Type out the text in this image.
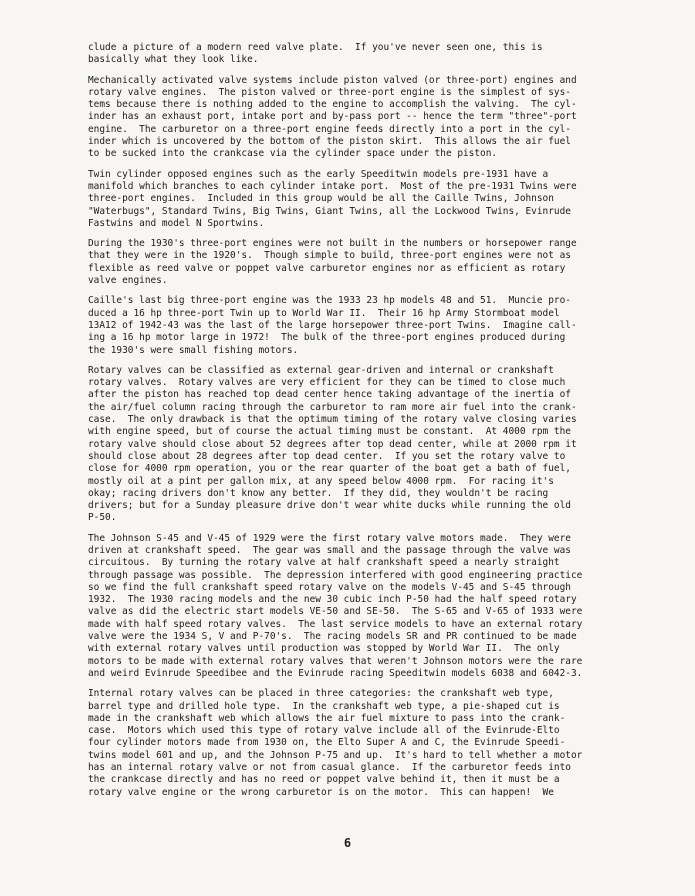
clude a picture of a modern reed valve plate.  If you've never seen one, this is
basically what they look like.
Mechanically activated valve systems include piston valved (or three-port) engines and
rotary valve engines.  The piston valved or three-port engine is the simplest of sys-
tems because there is nothing added to the engine to accomplish the valving.  The cyl-
inder has an exhaust port, intake port and by-pass port -- hence the term "three"-port
engine.  The carburetor on a three-port engine feeds directly into a port in the cyl-
inder which is uncovered by the bottom of the piston skirt.  This allows the air fuel
to be sucked into the crankcase via the cylinder space under the piston.
Twin cylinder opposed engines such as the early Speeditwin models pre-1931 have a
manifold which branches to each cylinder intake port.  Most of the pre-1931 Twins were
three-port engines.  Included in this group would be all the Caille Twins, Johnson
"Waterbugs", Standard Twins, Big Twins, Giant Twins, all the Lockwood Twins, Evinrude
Fastwins and model N Sportwins.
During the 1930's three-port engines were not built in the numbers or horsepower range
that they were in the 1920's.  Though simple to build, three-port engines were not as
flexible as reed valve or poppet valve carburetor engines nor as efficient as rotary
valve engines.
Caille's last big three-port engine was the 1933 23 hp models 48 and 51.  Muncie pro-
duced a 16 hp three-port Twin up to World War II.  Their 16 hp Army Stormboat model
13A12 of 1942-43 was the last of the large horsepower three-port Twins.  Imagine call-
ing a 16 hp motor large in 1972!  The bulk of the three-port engines produced during
the 1930's were small fishing motors.
Rotary valves can be classified as external gear-driven and internal or crankshaft
rotary valves.  Rotary valves are very efficient for they can be timed to close much
after the piston has reached top dead center hence taking advantage of the inertia of
the air/fuel column racing through the carburetor to ram more air fuel into the crank-
case.  The only drawback is that the optimum timing of the rotary valve closing varies
with engine speed, but of course the actual timing must be constant.  At 4000 rpm the
rotary valve should close about 52 degrees after top dead center, while at 2000 rpm it
should close about 28 degrees after top dead center.  If you set the rotary valve to
close for 4000 rpm operation, you or the rear quarter of the boat get a bath of fuel,
mostly oil at a pint per gallon mix, at any speed below 4000 rpm.  For racing it's
okay; racing drivers don't know any better.  If they did, they wouldn't be racing
drivers; but for a Sunday pleasure drive don't wear white ducks while running the old
P-50.
The Johnson S-45 and V-45 of 1929 were the first rotary valve motors made.  They were
driven at crankshaft speed.  The gear was small and the passage through the valve was
circuitous.  By turning the rotary valve at half crankshaft speed a nearly straight
through passage was possible.  The depression interfered with good engineering practice
so we find the full crankshaft speed rotary valve on the models V-45 and S-45 through
1932.  The 1930 racing models and the new 30 cubic inch P-50 had the half speed rotary
valve as did the electric start models VE-50 and SE-50.  The S-65 and V-65 of 1933 were
made with half speed rotary valves.  The last service models to have an external rotary
valve were the 1934 S, V and P-70's.  The racing models SR and PR continued to be made
with external rotary valves until production was stopped by World War II.  The only
motors to be made with external rotary valves that weren't Johnson motors were the rare
and weird Evinrude Speedibee and the Evinrude racing Speeditwin models 6038 and 6042-3.
Internal rotary valves can be placed in three categories: the crankshaft web type,
barrel type and drilled hole type.  In the crankshaft web type, a pie-shaped cut is
made in the crankshaft web which allows the air fuel mixture to pass into the crank-
case.  Motors which used this type of rotary valve include all of the Evinrude-Elto
four cylinder motors made from 1930 on, the Elto Super A and C, the Evinrude Speedi-
twins model 601 and up, and the Johnson P-75 and up.  It's hard to tell whether a motor
has an internal rotary valve or not from casual glance.  If the carburetor feeds into
the crankcase directly and has no reed or poppet valve behind it, then it must be a
rotary valve engine or the wrong carburetor is on the motor.  This can happen!  We
6
